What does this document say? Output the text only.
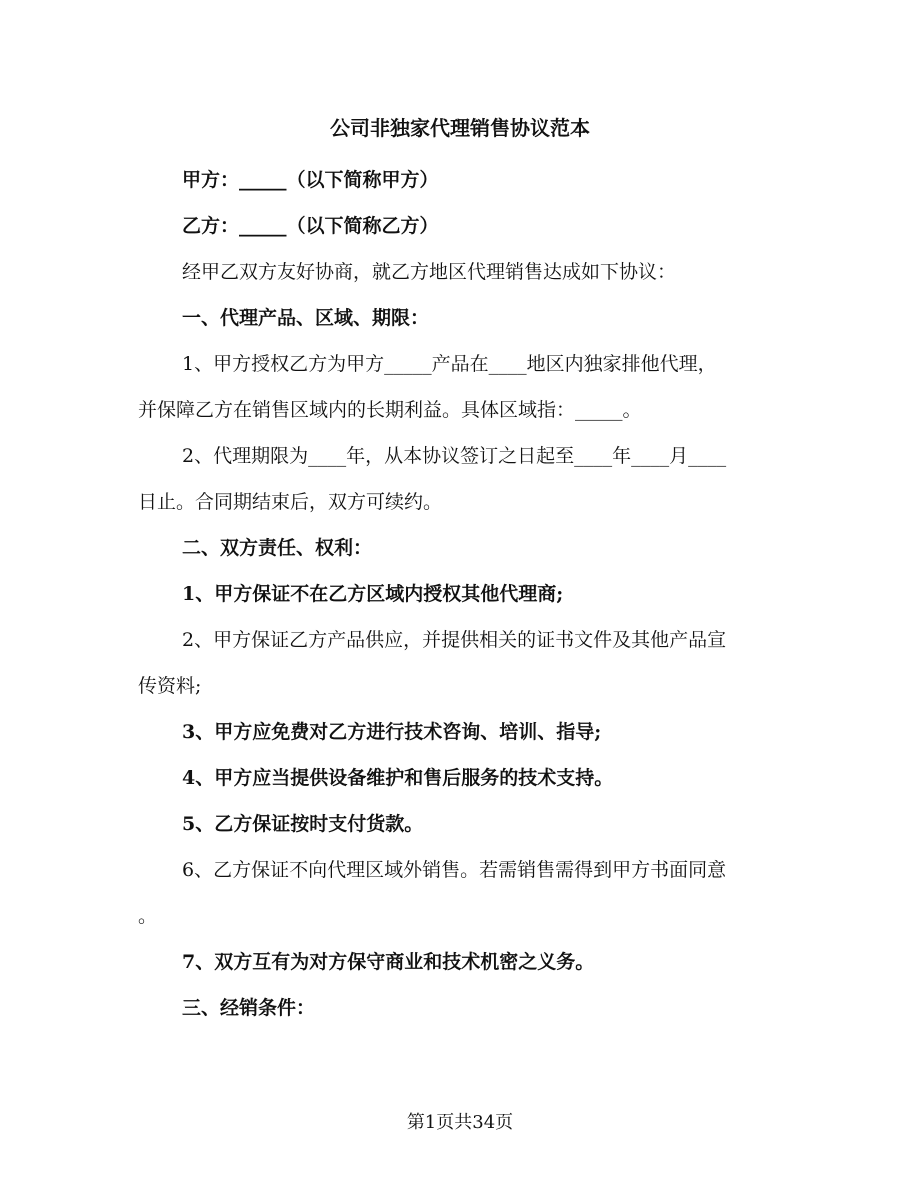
公司非独家代理销售协议范本
甲方：_____（以下简称甲方）
乙方：_____（以下简称乙方）
经甲乙双方友好协商，就乙方地区代理销售达成如下协议：
一、代理产品、区域、期限：
1、甲方授权乙方为甲方_____产品在____地区内独家排他代理，
并保障乙方在销售区域内的长期利益。具体区域指：_____。
2、代理期限为____年，从本协议签订之日起至____年____月____
日止。合同期结束后，双方可续约。
二、双方责任、权利：
1、甲方保证不在乙方区域内授权其他代理商;
2、甲方保证乙方产品供应，并提供相关的证书文件及其他产品宣
传资料;
3、甲方应免费对乙方进行技术咨询、培训、指导;
4、甲方应当提供设备维护和售后服务的技术支持。
5、乙方保证按时支付货款。
6、乙方保证不向代理区域外销售。若需销售需得到甲方书面同意
。
7、双方互有为对方保守商业和技术机密之义务。
三、经销条件：
第1页共34页
